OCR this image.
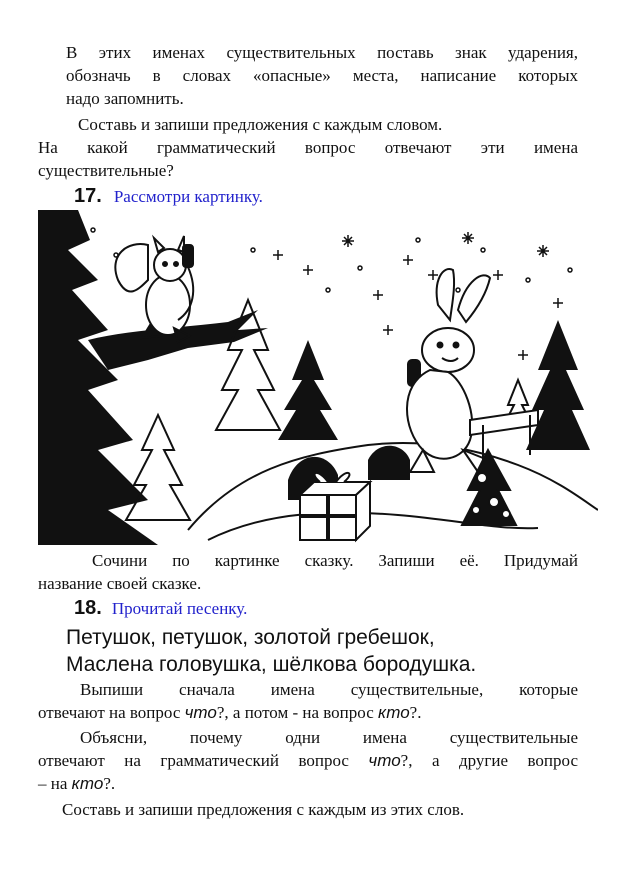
В этих именах существительных поставь знак ударения,

обозначь в словах «опасные» места, написание которых

надо запомнить.

Составь и запиши предложения с каждым словом.

На какой грамматический вопрос отвечают эти имена

существительные?

17. Рассмотри картинку.

Сочини по картинке сказку. Запиши её. Придумай

название своей сказке.

18. Прочитай песенку.
Петушок, петушок, золотой гребешок,
Маслена головушка, шёлкова бородушка.

Выпиши сначала имена существительные, которые

отвечают на вопрос что?, а потом - на вопрос кто?.

Объясни, почему одни имена существительные

отвечают на грамматический вопрос что?, а другие вопрос

– на кто?.

Составь и запиши предложения с каждым из этих слов.
